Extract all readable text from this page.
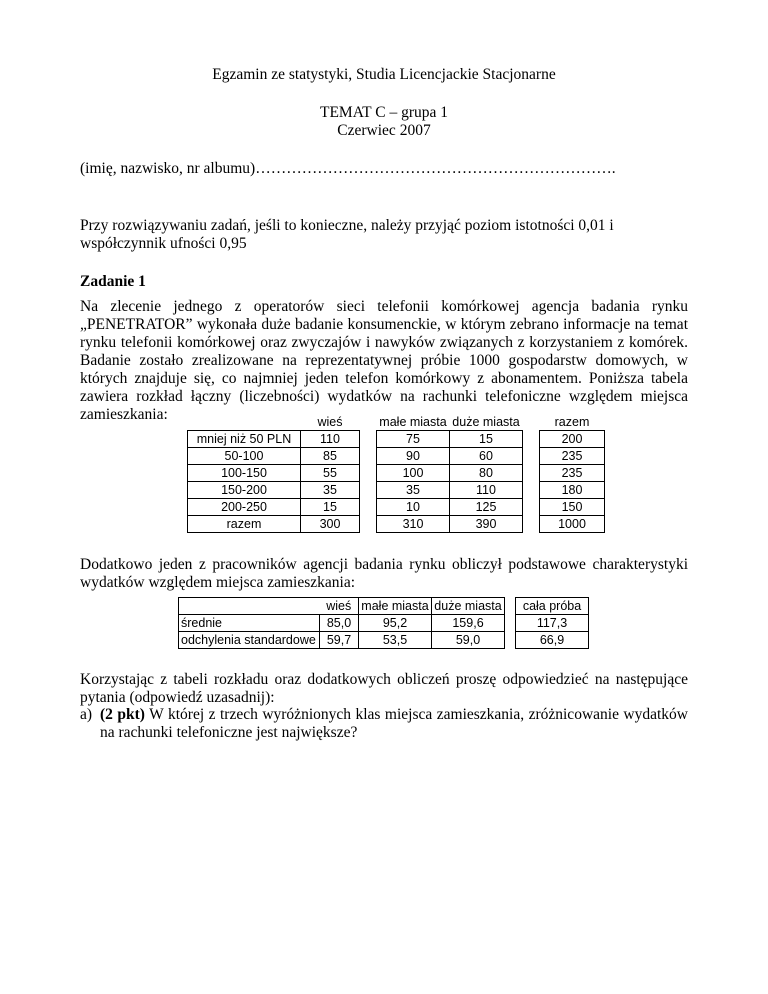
Egzamin ze statystyki, Studia Licencjackie Stacjonarne
TEMAT C – grupa 1
Czerwiec 2007
(imię, nazwisko, nr albumu)…………………………………………………………….
Przy rozwiązywaniu zadań, jeśli to konieczne, należy przyjąć poziom istotności 0,01 i współczynnik ufności 0,95
Zadanie 1
Na zlecenie jednego z operatorów sieci telefonii komórkowej agencja badania rynku „PENETRATOR” wykonała duże badanie konsumenckie, w którym zebrano informacje na temat rynku telefonii komórkowej oraz zwyczajów i nawyków związanych z korzystaniem z komórek. Badanie zostało zrealizowane na reprezentatywnej próbie 1000 gospodarstw domowych, w których znajduje się, co najmniej jeden telefon komórkowy z abonamentem. Poniższa tabela zawiera rozkład łączny (liczebności) wydatków na rachunki telefoniczne względem miejsca zamieszkania:
		wieś		małe miasta	duże miasta		razem
mniej niż 50 PLN	110		75	15		200
50-100	85		90	60		235
100-150	55		100	80		235
150-200	35		35	110		180
200-250	15		10	125		150
razem	300		310	390		1000
Dodatkowo jeden z pracowników agencji badania rynku obliczył podstawowe charakterystyki wydatków względem miejsca zamieszkania:
	wieś	małe miasta	duże miasta		cała próba
średnie	85,0	95,2	159,6		117,3
odchylenia standardowe	59,7	53,5	59,0		66,9
Korzystając z tabeli rozkładu oraz dodatkowych obliczeń proszę odpowiedzieć na następujące pytania (odpowiedź uzasadnij):
a) (2 pkt) W której z trzech wyróżnionych klas miejsca zamieszkania, zróżnicowanie wydatków na rachunki telefoniczne jest największe?
